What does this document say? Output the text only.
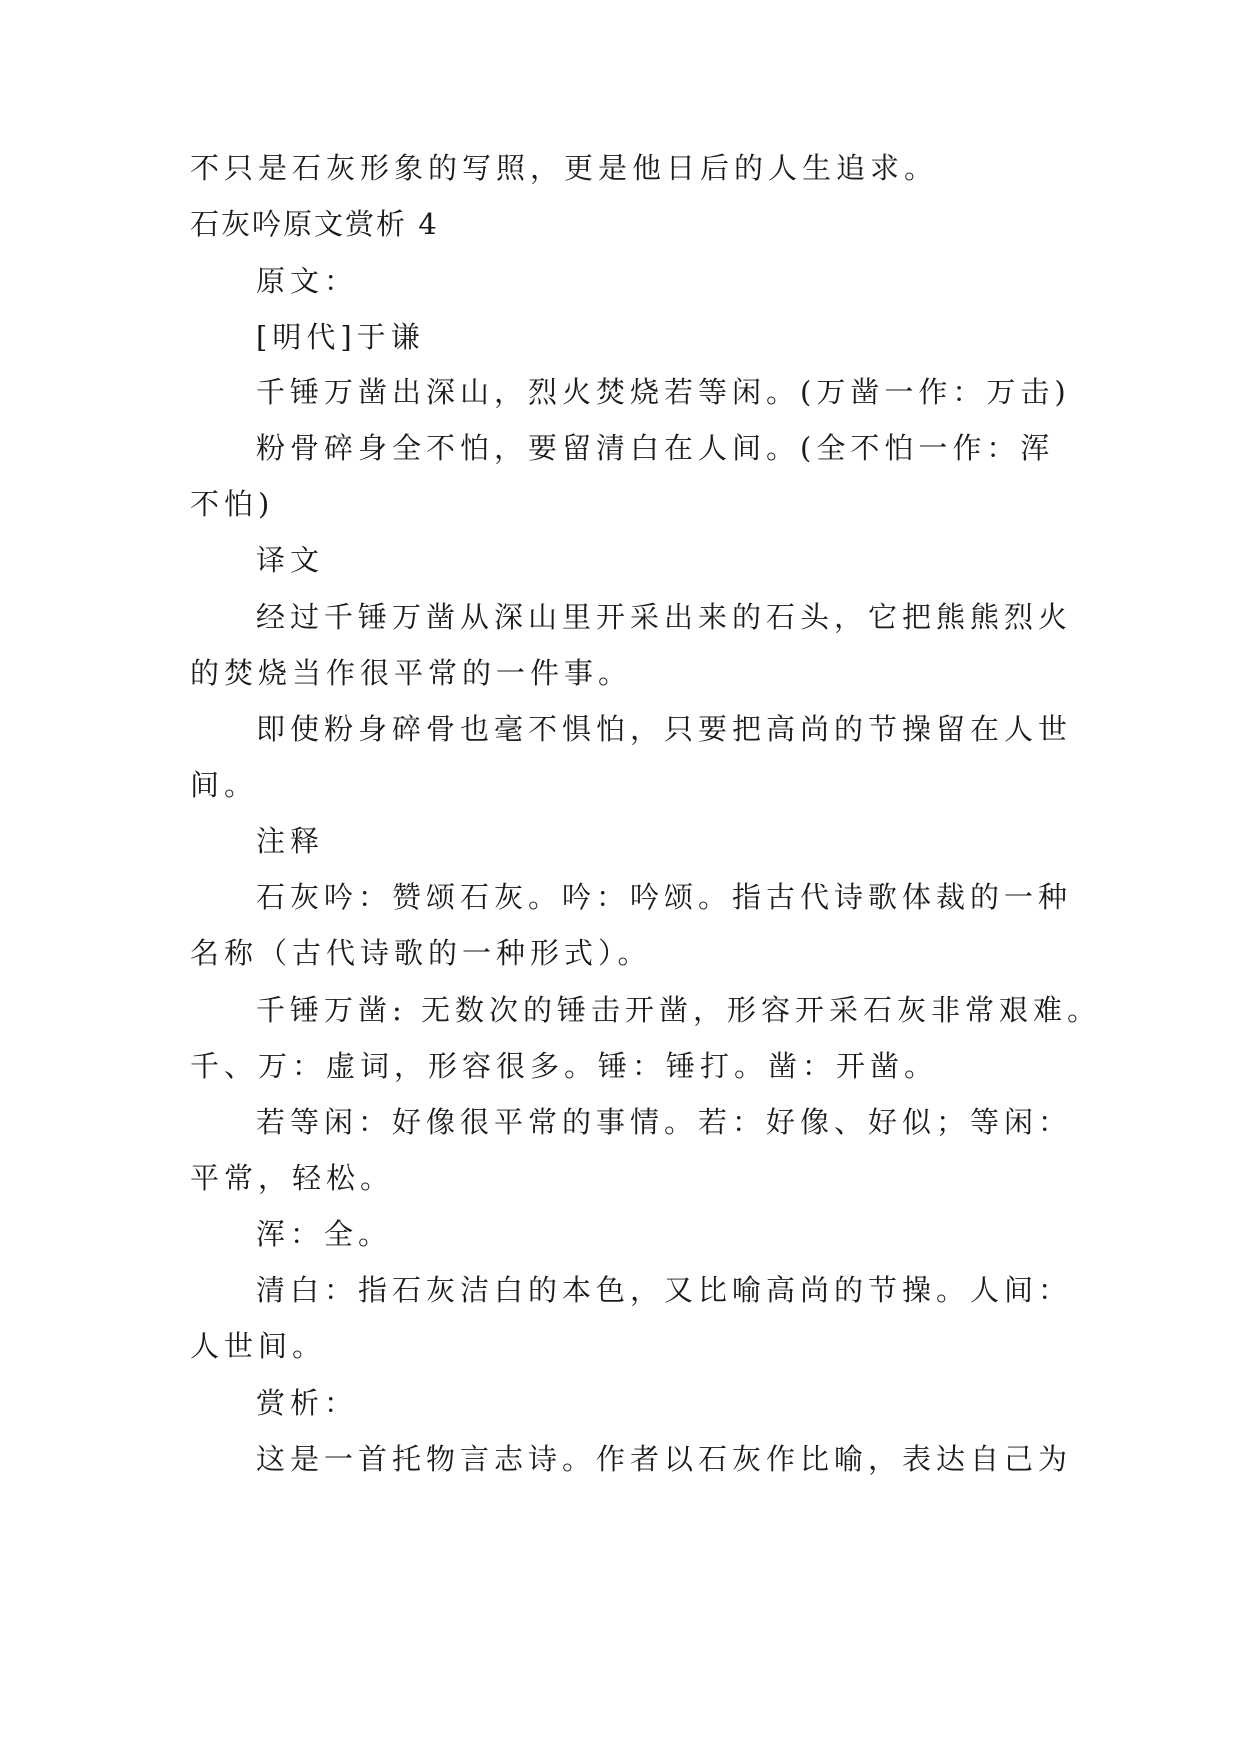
不只是石灰形象的写照，更是他日后的人生追求。
石灰吟原文赏析 4
原文：
[明代]于谦
千锤万凿出深山，烈火焚烧若等闲。(万凿一作：万击)
粉骨碎身全不怕，要留清白在人间。(全不怕一作：浑
不怕)
译文
经过千锤万凿从深山里开采出来的石头，它把熊熊烈火
的焚烧当作很平常的一件事。
即使粉身碎骨也毫不惧怕，只要把高尚的节操留在人世
间。
注释
石灰吟：赞颂石灰。吟：吟颂。指古代诗歌体裁的一种
名称（古代诗歌的一种形式）。
千锤万凿: 无数次的锤击开凿，形容开采石灰非常艰难。
千、万：虚词，形容很多。锤：锤打。凿：开凿。
若等闲：好像很平常的事情。若：好像、好似；等闲：
平常，轻松。
浑：全。
清白：指石灰洁白的本色，又比喻高尚的节操。人间：
人世间。
赏析：
这是一首托物言志诗。作者以石灰作比喻，表达自己为
